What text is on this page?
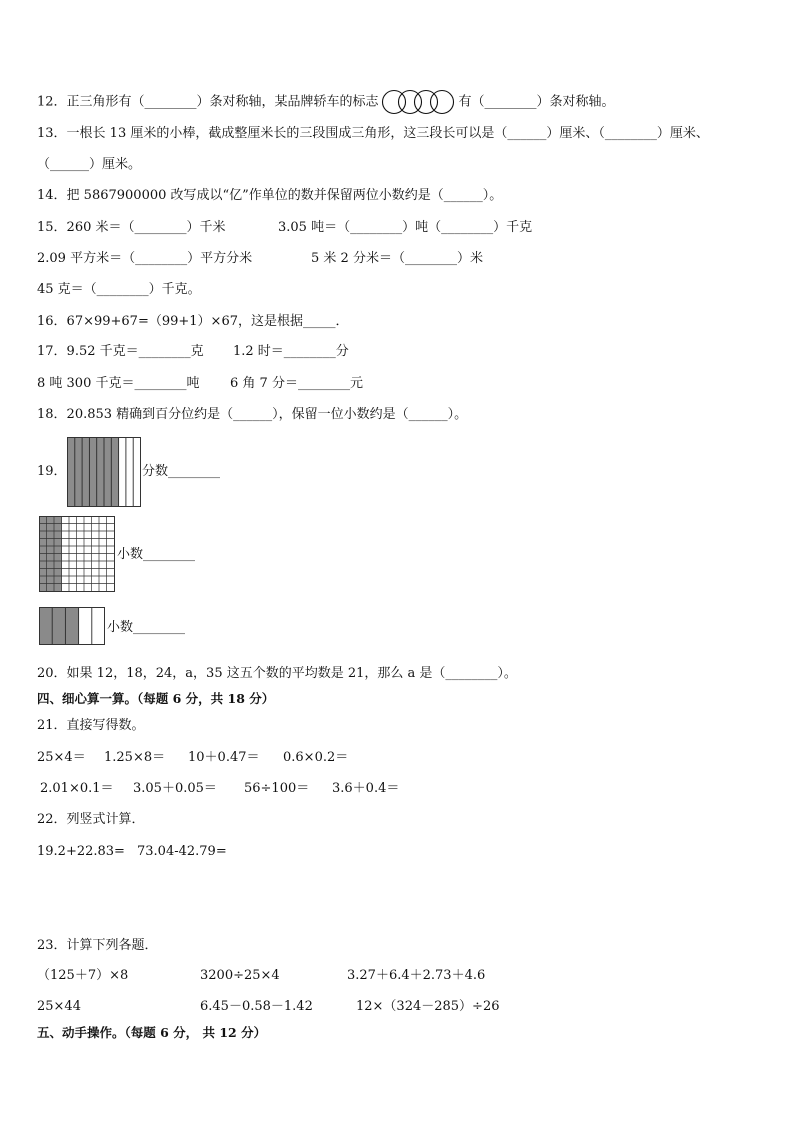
12．正三角形有（________）条对称轴，某品牌轿车的标志	有（________）条对称轴。
13．一根长 13 厘米的小棒，截成整厘米长的三段围成三角形，这三段长可以是（______）厘米、（________）厘米、
（______）厘米。
14．把 5867900000 改写成以“亿”作单位的数并保留两位小数约是（______）。
15．260 米＝（________）千米	3.05 吨＝（________）吨（________）千克
2.09 平方米＝（________）平方分米	5 米 2 分米＝（________）米
45 克＝（________）千克。
16．67×99+67=（99+1）×67，这是根据_____．
17．9.52 千克＝________克 1.2 时＝________分
8 吨 300 千克＝________吨 6 角 7 分＝________元
18．20.853 精确到百分位约是（______），保留一位小数约是（______）。
19．	分数________
小数________
小数________
20．如果 12，18，24，a，35 这五个数的平均数是 21，那么 a 是（________）。
四、细心算一算。（每题 6 分，共 18 分）
21．直接写得数。
25×4＝ 1.25×8＝ 10＋0.47＝ 0.6×0.2＝
2.01×0.1＝ 3.05＋0.05＝ 56÷100＝ 3.6＋0.4＝
22．列竖式计算．
19.2+22.83= 73.04-42.79=
23．计算下列各题．
（125＋7）×8	3200÷25×4	3.27＋6.4＋2.73＋4.6
25×44	6.45－0.58－1.42	12×（324－285）÷26
五、动手操作。（每题 6 分， 共 12 分）
